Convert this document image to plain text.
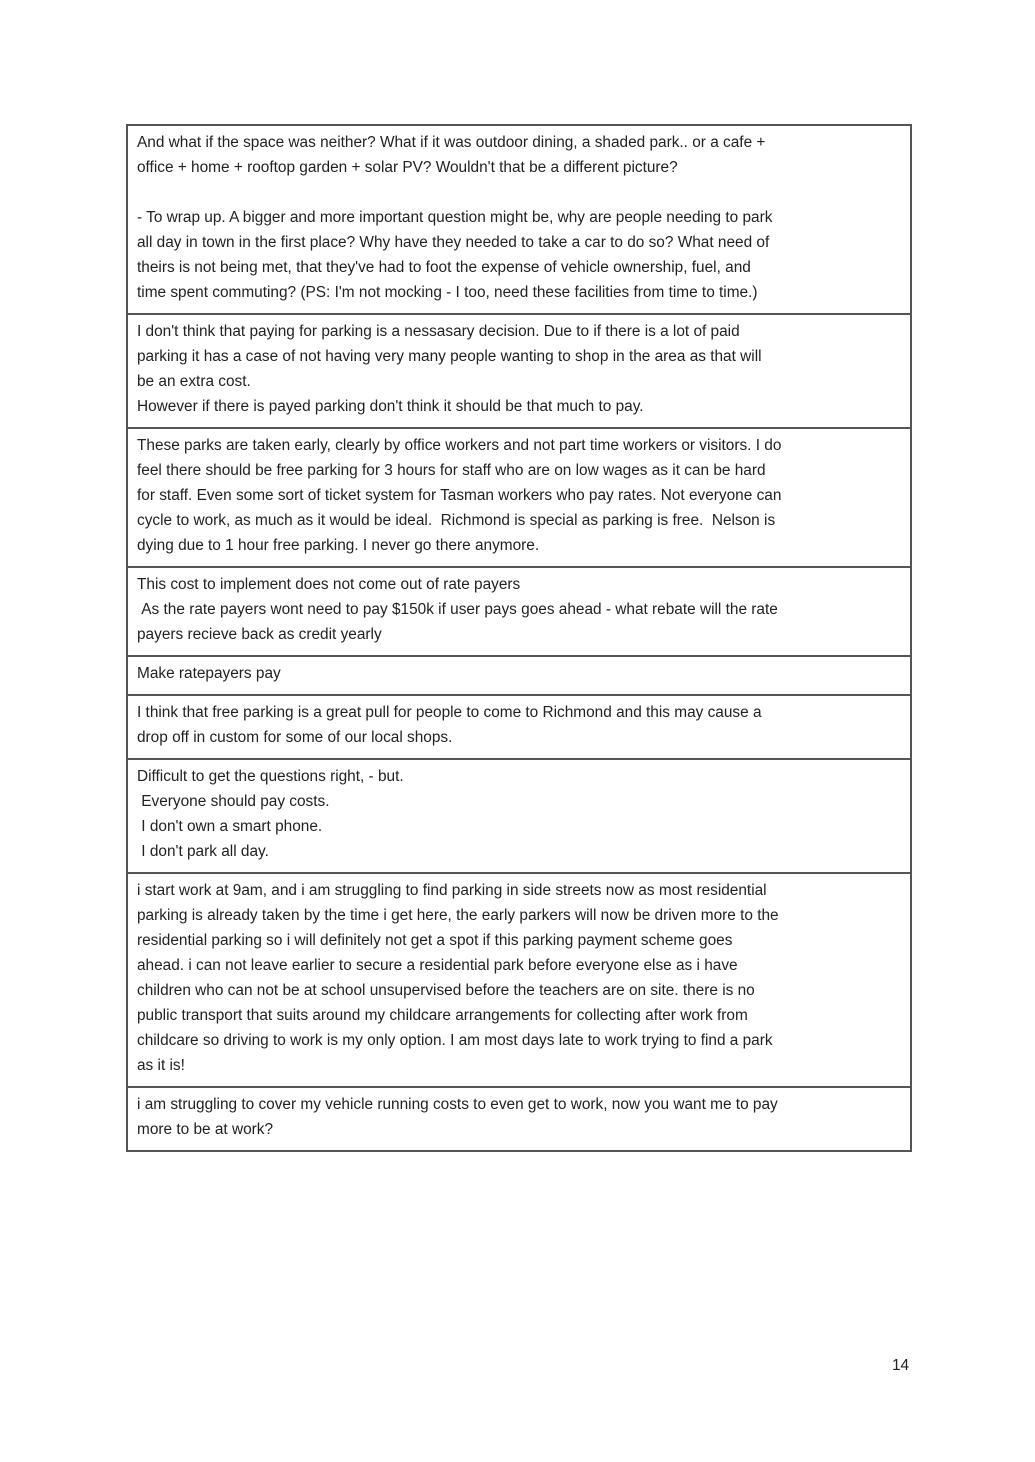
And what if the space was neither? What if it was outdoor dining, a shaded park.. or a cafe +
office + home + rooftop garden + solar PV? Wouldn't that be a different picture?
- To wrap up. A bigger and more important question might be, why are people needing to park
all day in town in the first place? Why have they needed to take a car to do so? What need of
theirs is not being met, that they've had to foot the expense of vehicle ownership, fuel, and
time spent commuting? (PS: I'm not mocking - I too, need these facilities from time to time.)
I don't think that paying for parking is a nessasary decision. Due to if there is a lot of paid
parking it has a case of not having very many people wanting to shop in the area as that will
be an extra cost.
However if there is payed parking don't think it should be that much to pay.
These parks are taken early, clearly by office workers and not part time workers or visitors. I do
feel there should be free parking for 3 hours for staff who are on low wages as it can be hard
for staff. Even some sort of ticket system for Tasman workers who pay rates. Not everyone can
cycle to work, as much as it would be ideal.  Richmond is special as parking is free.  Nelson is
dying due to 1 hour free parking. I never go there anymore.
This cost to implement does not come out of rate payers
As the rate payers wont need to pay $150k if user pays goes ahead - what rebate will the rate
payers recieve back as credit yearly
Make ratepayers pay
I think that free parking is a great pull for people to come to Richmond and this may cause a
drop off in custom for some of our local shops.
Difficult to get the questions right, - but.
Everyone should pay costs.
I don't own a smart phone.
I don't park all day.
i start work at 9am, and i am struggling to find parking in side streets now as most residential
parking is already taken by the time i get here, the early parkers will now be driven more to the
residential parking so i will definitely not get a spot if this parking payment scheme goes
ahead. i can not leave earlier to secure a residential park before everyone else as i have
children who can not be at school unsupervised before the teachers are on site. there is no
public transport that suits around my childcare arrangements for collecting after work from
childcare so driving to work is my only option. I am most days late to work trying to find a park
as it is!
i am struggling to cover my vehicle running costs to even get to work, now you want me to pay
more to be at work?
14
